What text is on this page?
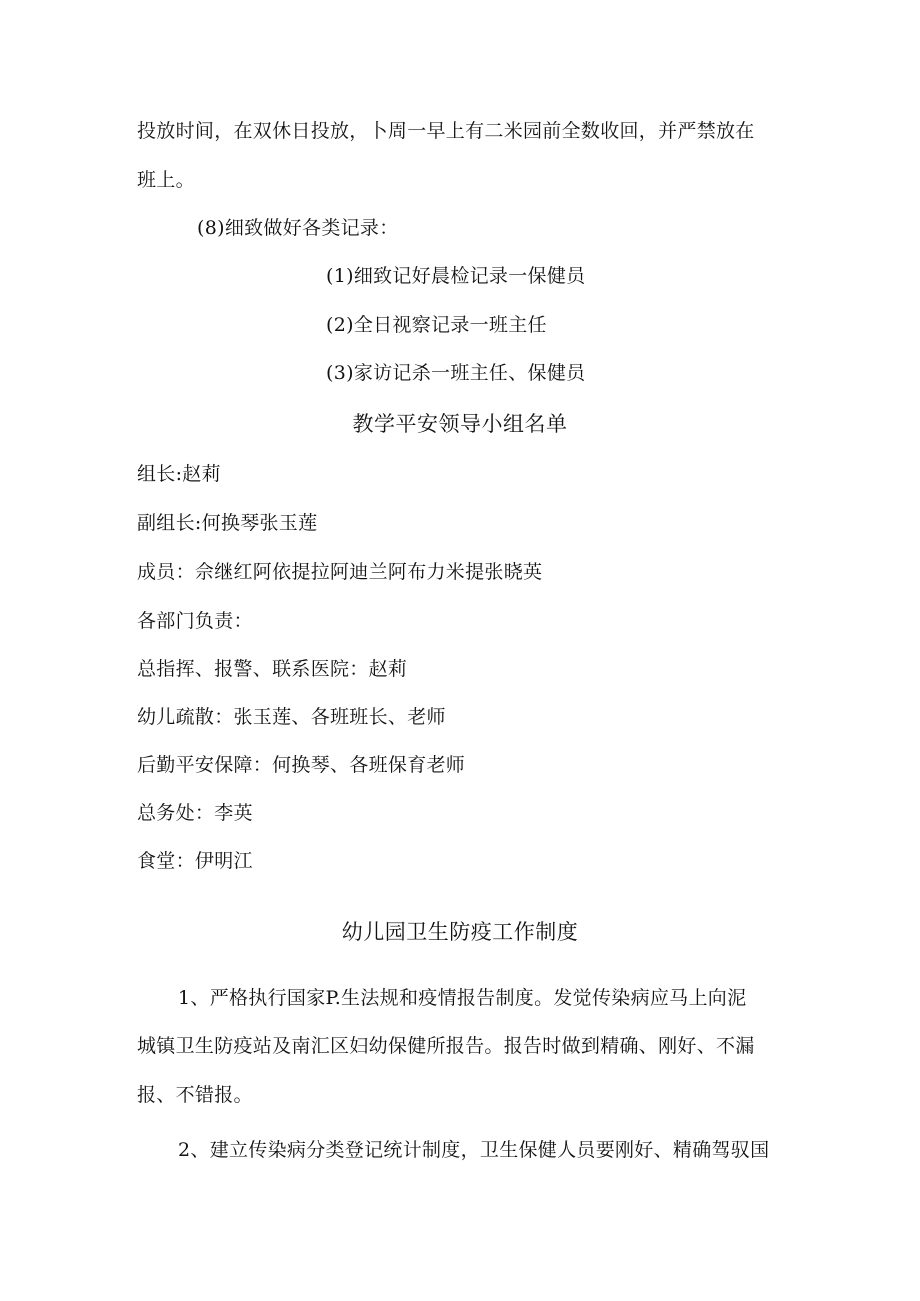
投放时间，在双休日投放，卜周一早上有二米园前全数收回，并严禁放在
班上。
(8)细致做好各类记录：
(1)细致记好晨检记录一保健员
(2)全日视察记录一班主任
(3)家访记杀一班主任、保健员
教学平安领导小组名单
组长:赵莉
副组长:何换琴张玉莲
成员：佘继红阿依提拉阿迪兰阿布力米提张晓英
各部门负责：
总指挥、报警、联系医院：赵莉
幼儿疏散：张玉莲、各班班长、老师
后勤平安保障：何换琴、各班保育老师
总务处：李英
食堂：伊明江
幼儿园卫生防疫工作制度
1、严格执行国家P.生法规和疫情报告制度。发觉传染病应马上向泥
城镇卫生防疫站及南汇区妇幼保健所报告。报告时做到精确、刚好、不漏
报、不错报。
2、建立传染病分类登记统计制度，卫生保健人员要刚好、精确驾驭国
